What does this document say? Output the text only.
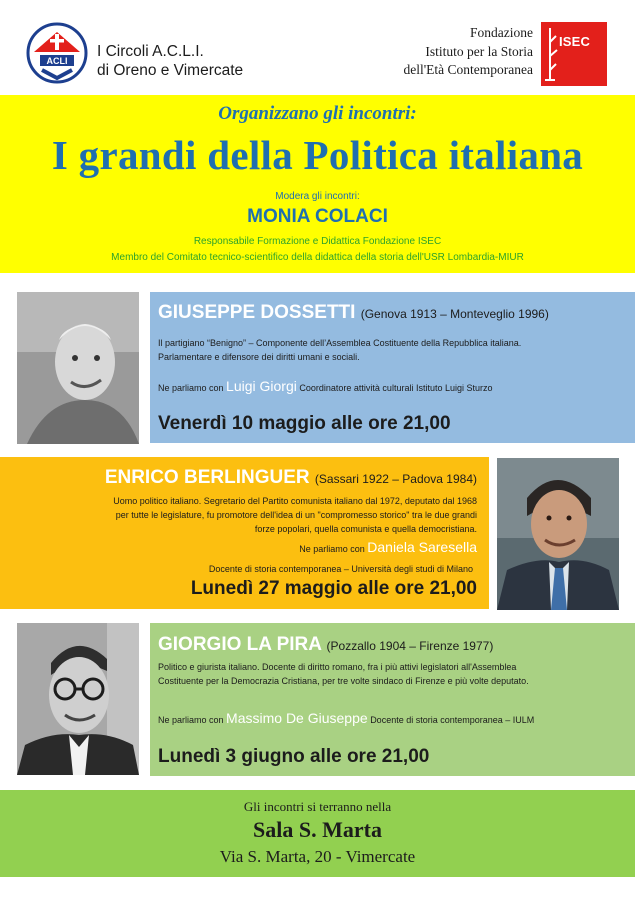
ACLI
I Circoli A.C.L.I.
di Oreno e Vimercate
Fondazione
Istituto per la Storia
dell'Età Contemporanea
ISEC
Organizzano gli incontri:
I grandi della Politica italiana
Modera gli incontri:
MONIA COLACI
Responsabile Formazione e Didattica Fondazione ISEC
Membro del Comitato tecnico-scientifico della didattica della storia dell'USR Lombardia-MIUR
GIUSEPPE DOSSETTI (Genova 1913 – Monteveglio 1996)
Il partigiano “Benigno” – Componente dell’Assemblea Costituente della Repubblica italiana.
Parlamentare e difensore dei diritti umani e sociali.
Ne parliamo con Luigi Giorgi Coordinatore attività culturali Istituto Luigi Sturzo
Venerdì 10 maggio alle ore 21,00
ENRICO BERLINGUER (Sassari 1922 – Padova 1984)
Uomo politico italiano. Segretario del Partito comunista italiano dal 1972, deputato dal 1968
per tutte le legislature, fu promotore dell'idea di un "compromesso storico" tra le due grandi
forze popolari, quella comunista e quella democristiana.
Ne parliamo con Daniela Saresella
Docente di storia contemporanea – Università degli studi di Milano
Lunedì 27 maggio alle ore 21,00
GIORGIO LA PIRA (Pozzallo 1904 – Firenze 1977)
Politico e giurista italiano. Docente di diritto romano, fra i più attivi legislatori all'Assemblea
Costituente per la Democrazia Cristiana, per tre volte sindaco di Firenze e più volte deputato.
Ne parliamo con Massimo De Giuseppe Docente di storia contemporanea – IULM
Lunedì 3 giugno alle ore 21,00
Gli incontri si terranno nella
Sala S. Marta
Via S. Marta, 20 - Vimercate
